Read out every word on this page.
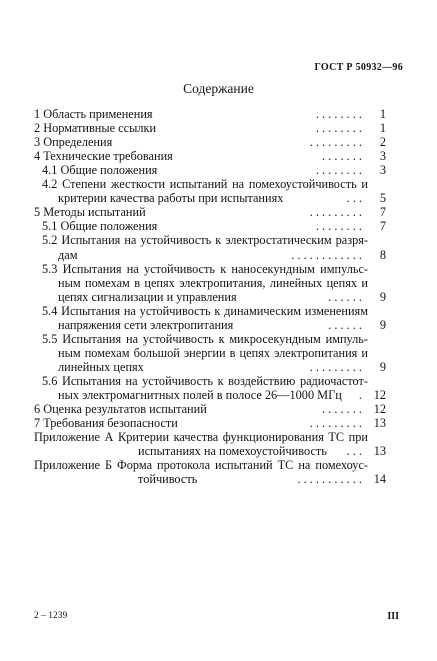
ГОСТ Р 50932—96
Содержание
1 Область применения	. . . . . . . .	1
2 Нормативные ссылки	. . . . . . . .	1
3 Определения	. . . . . . . . .	2
4 Технические требования	. . . . . . .	3
4.1 Общие положения	. . . . . . . .	3
4.2 Степени жесткости испытаний на помехоустойчивость и
критерии качества работы при испытаниях	. . .	5
5 Методы испытаний	. . . . . . . . .	7
5.1 Общие положения	. . . . . . . .	7
5.2 Испытания на устойчивость к электростатическим разря-
дам	. . . . . . . . . . . .	8
5.3 Испытания на устойчивость к наносекундным импульс-
ным помехам в цепях электропитания, линейных цепях и
цепях сигнализации и управления	. . . . . .	9
5.4 Испытания на устойчивость к динамическим изменениям
напряжения сети электропитания	. . . . . .	9
5.5 Испытания на устойчивость к микросекундным импуль-
ным помехам большой энергии в цепях электропитания и
линейных цепях	. . . . . . . . .	9
5.6 Испытания на устойчивость к воздействию радиочастот-
ных электромагнитных полей в полосе 26—1000 МГц	. 12
6 Оценка результатов испытаний	. . . . . . . 12
7 Требования безопасности	. . . . . . . . . 13
Приложение А Критерии качества функционирования ТС при
испытаниях на помехоустойчивость	. . . 13
Приложение Б Форма протокола испытаний ТС на помехоус-
тойчивость	. . . . . . . . . . . 14
2 – 1239	III
